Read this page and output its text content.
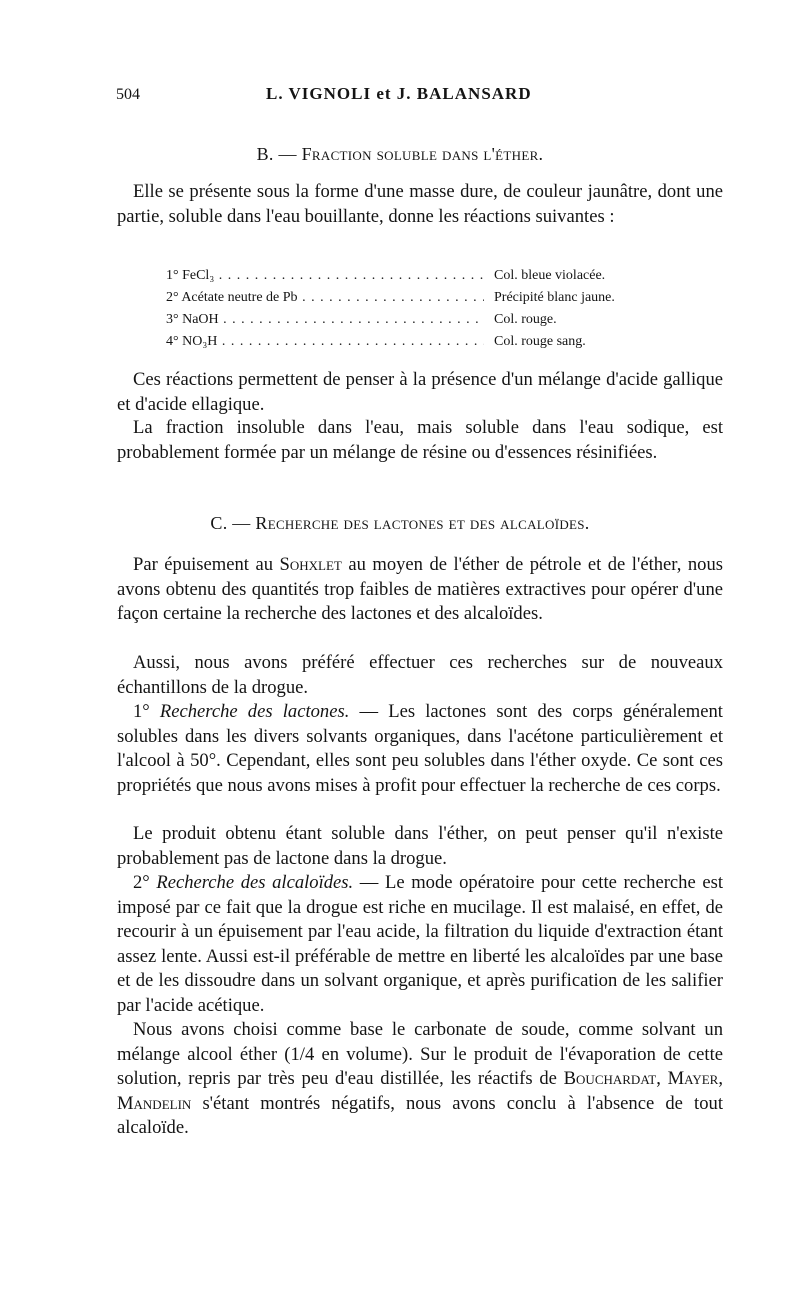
504	L. VIGNOLI et J. BALANSARD
B. — Fraction soluble dans l'éther.

Elle se présente sous la forme d'une masse dure, de couleur jaunâtre, dont une partie, soluble dans l'eau bouillante, donne les réactions suivantes :

1° FeCl₃ . . .	Col. bleue violacée.
2° Acétate neutre de Pb . . .	Précipité blanc jaune.
3° NaOH . . .	Col. rouge.
4° NO₃H . . .	Col. rouge sang.

Ces réactions permettent de penser à la présence d'un mélange d'acide gallique et d'acide ellagique.

La fraction insoluble dans l'eau, mais soluble dans l'eau sodique, est probablement formée par un mélange de résine ou d'essences résinifiées.

C. — Recherche des lactones et des alcaloïdes.

Par épuisement au Sohxlet au moyen de l'éther de pétrole et de l'éther, nous avons obtenu des quantités trop faibles de matières extractives pour opérer d'une façon certaine la recherche des lactones et des alcaloïdes.

Aussi, nous avons préféré effectuer ces recherches sur de nouveaux échantillons de la drogue.

1° Recherche des lactones. — Les lactones sont des corps généralement solubles dans les divers solvants organiques, dans l'acétone particulièrement et l'alcool à 50°. Cependant, elles sont peu solubles dans l'éther oxyde. Ce sont ces propriétés que nous avons mises à profit pour effectuer la recherche de ces corps.

Le produit obtenu étant soluble dans l'éther, on peut penser qu'il n'existe probablement pas de lactone dans la drogue.

2° Recherche des alcaloïdes. — Le mode opératoire pour cette recherche est imposé par ce fait que la drogue est riche en mucilage. Il est malaisé, en effet, de recourir à un épuisement par l'eau acide, la filtration du liquide d'extraction étant assez lente. Aussi est-il préférable de mettre en liberté les alcaloïdes par une base et de les dissoudre dans un solvant organique, et après purification de les salifier par l'acide acétique.

Nous avons choisi comme base le carbonate de soude, comme solvant un mélange alcool éther (1/4 en volume). Sur le produit de l'évaporation de cette solution, repris par très peu d'eau distillée, les réactifs de Bouchardat, Mayer, Mandelin s'étant montrés négatifs, nous avons conclu à l'absence de tout alcaloïde.
